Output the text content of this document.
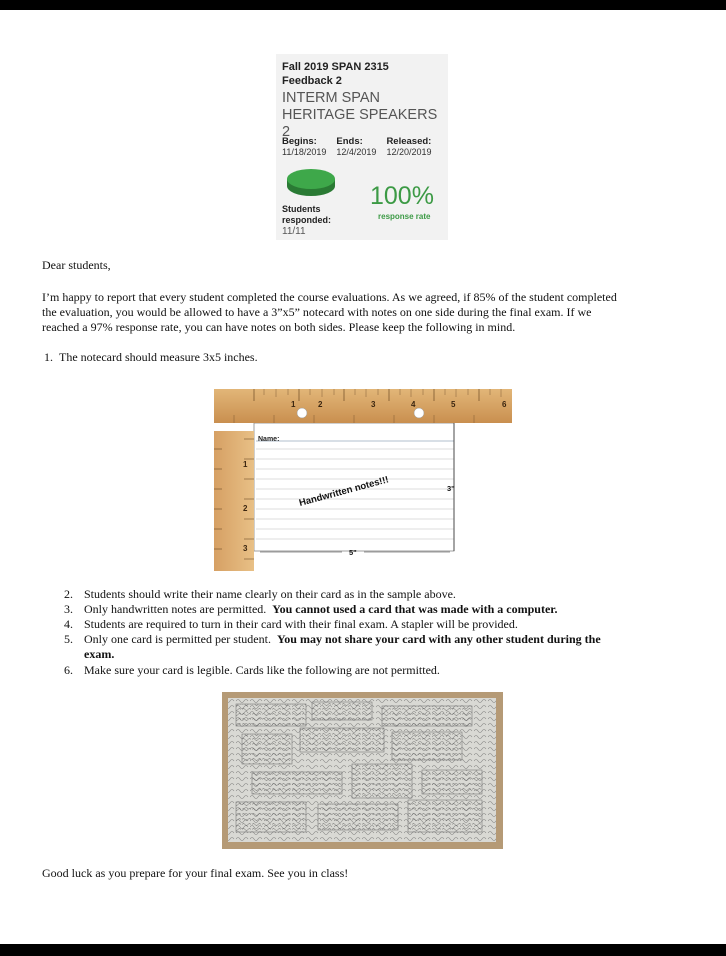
Fall 2019 SPAN 2315
Feedback 2
INTERM SPAN
HERITAGE SPEAKERS 2
Begins:
11/18/2019
Ends:
12/4/2019
Released:
12/20/2019
Students
responded:
11/11
100%
response rate
Dear students,
I’m happy to report that every student completed the course evaluations. As we agreed, if 85% of the student completed
the evaluation, you would be allowed to have a 3”x5” notecard with notes on one side during the final exam. If we
reached a 97% response rate, you can have notes on both sides. Please keep the following in mind.
1. The notecard should measure 3x5 inches.
1	2	3	4	5	6
1
2
3
Name:
Handwritten notes!!!	3"
5"
2. Students should write their name clearly on their card as in the sample above.
3. Only handwritten notes are permitted.  You cannot used a card that was made with a computer.
4. Students are required to turn in their card with their final exam. A stapler will be provided.
5. Only one card is permitted per student.  You may not share your card with any other student during the
exam.
6. Make sure your card is legible. Cards like the following are not permitted.
Good luck as you prepare for your final exam. See you in class!
